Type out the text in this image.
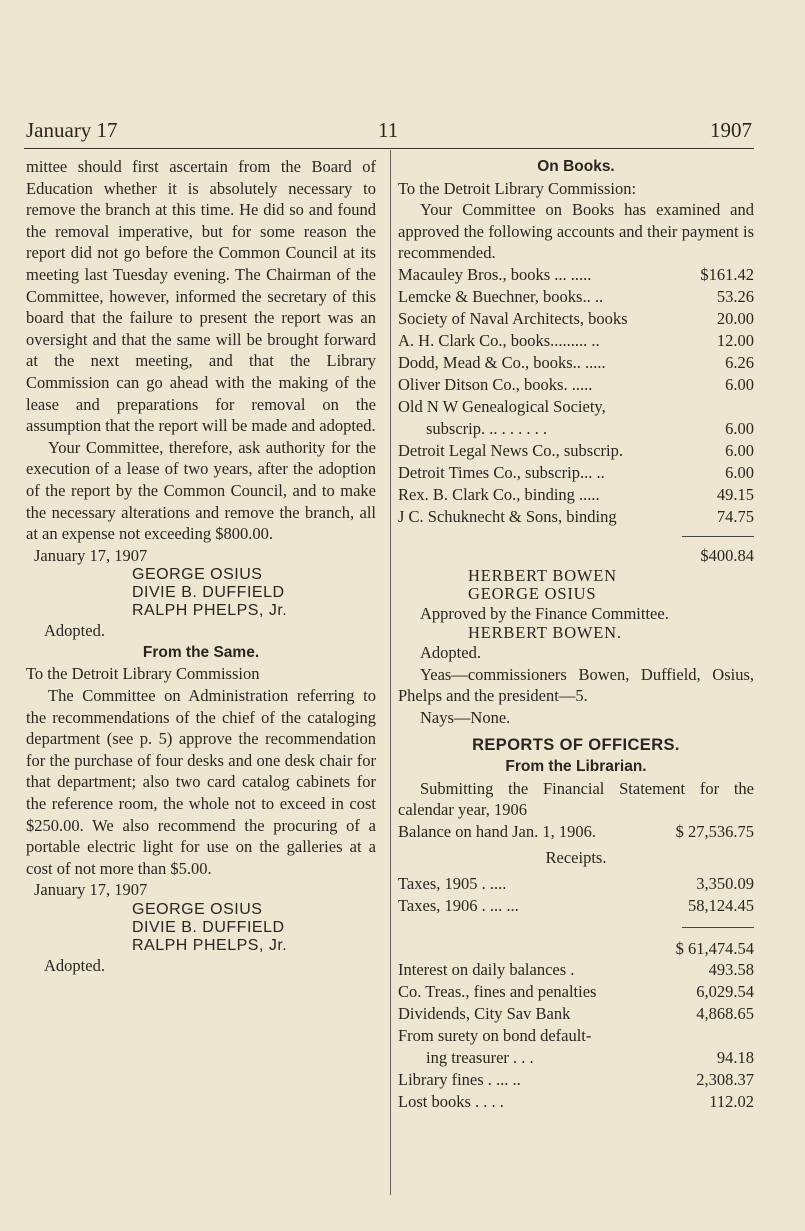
January 17	11	1907

mittee should first ascertain from the Board of Education whether it is absolutely necessary to remove the branch at this time. He did so and found the removal imperative, but for some reason the report did not go before the Common Council at its meeting last Tuesday evening. The Chairman of the Committee, however, informed the secretary of this board that the failure to present the report was an oversight and that the same will be brought forward at the next meeting, and that the Library Commission can go ahead with the making of the lease and preparations for removal on the assumption that the report will be made and adopted.

Your Committee, therefore, ask authority for the execution of a lease of two years, after the adoption of the report by the Common Council, and to make the necessary alterations and remove the branch, all at an expense not exceeding $800.00.

January 17, 1907
GEORGE OSIUS
DIVIE B. DUFFIELD
RALPH PHELPS, Jr.
Adopted.
From the Same.
To the Detroit Library Commission

The Committee on Administration referring to the recommendations of the chief of the cataloging department (see p. 5) approve the recommendation for the purchase of four desks and one desk chair for that department; also two card catalog cabinets for the reference room, the whole not to exceed in cost $250.00. We also recommend the procuring of a portable electric light for use on the galleries at a cost of not more than $5.00.

January 17, 1907
GEORGE OSIUS
DIVIE B. DUFFIELD
RALPH PHELPS, Jr.
Adopted.
On Books.
To the Detroit Library Commission:

Your Committee on Books has examined and approved the following accounts and their payment is recommended.

Macauley Bros., books ... .....	$161.42
Lemcke & Buechner, books.. ..	53.26
Society of Naval Architects, books	20.00
A. H. Clark Co., books......... ..	12.00
Dodd, Mead & Co., books.. .....	6.26
Oliver Ditson Co., books. .....	6.00
Old N W Genealogical Society,
subscrip. .. . . . . . .	6.00
Detroit Legal News Co., subscrip.	6.00
Detroit Times Co., subscrip... ..	6.00
Rex. B. Clark Co., binding .....	49.15
J C. Schuknecht & Sons, binding	74.75
$400.84
HERBERT BOWEN
GEORGE OSIUS
Approved by the Finance Committee.
HERBERT BOWEN.
Adopted.

Yeas—commissioners Bowen, Duffield, Osius, Phelps and the president—5.

Nays—None.
REPORTS OF OFFICERS.
From the Librarian.

Submitting the Financial Statement for the calendar year, 1906

Balance on hand Jan. 1, 1906.	$ 27,536.75
Receipts.
Taxes, 1905 . ....	3,350.09
Taxes, 1906 . ... ...	58,124.45
$ 61,474.54
Interest on daily balances .	493.58
Co. Treas., fines and penalties	6,029.54
Dividends, City Sav Bank	4,868.65
From surety on bond default-
ing treasurer . . .	94.18
Library fines . ... ..	2,308.37
Lost books . . . .	112.02
